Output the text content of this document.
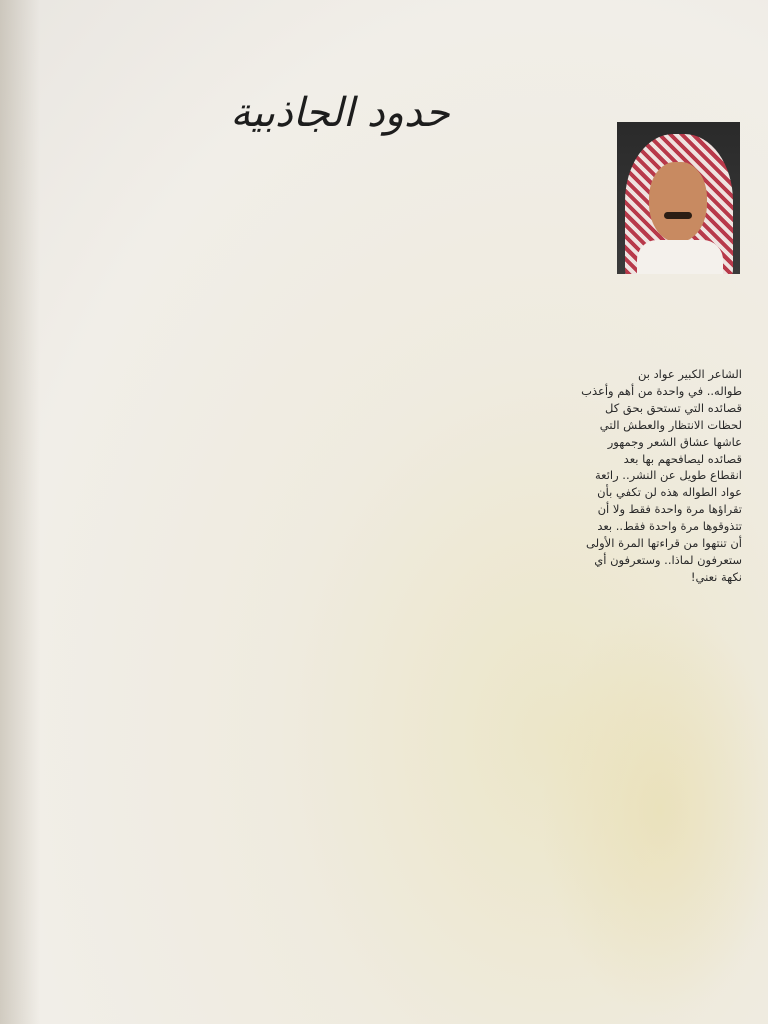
حدود الجاذبية
الشاعر الكبير عواد بن
طواله.. في واحدة من أهم وأعذب
قصائده التي تستحق بحق كل
لحظات الانتظار والعطش التي
عاشها عشاق الشعر وجمهور
قصائده ليصافحهم بها بعد
انقطاع طويل عن النشر.. رائعة
عواد الطواله هذه لن تكفي بأن
تقراؤها مرة واحدة فقط ولا أن
تتذوقوها مرة واحدة فقط.. بعد
أن تنتهوا من قراءتها المرة الأولى
ستعرفون لماذا.. وستعرفون أي
نكهة نعني!
